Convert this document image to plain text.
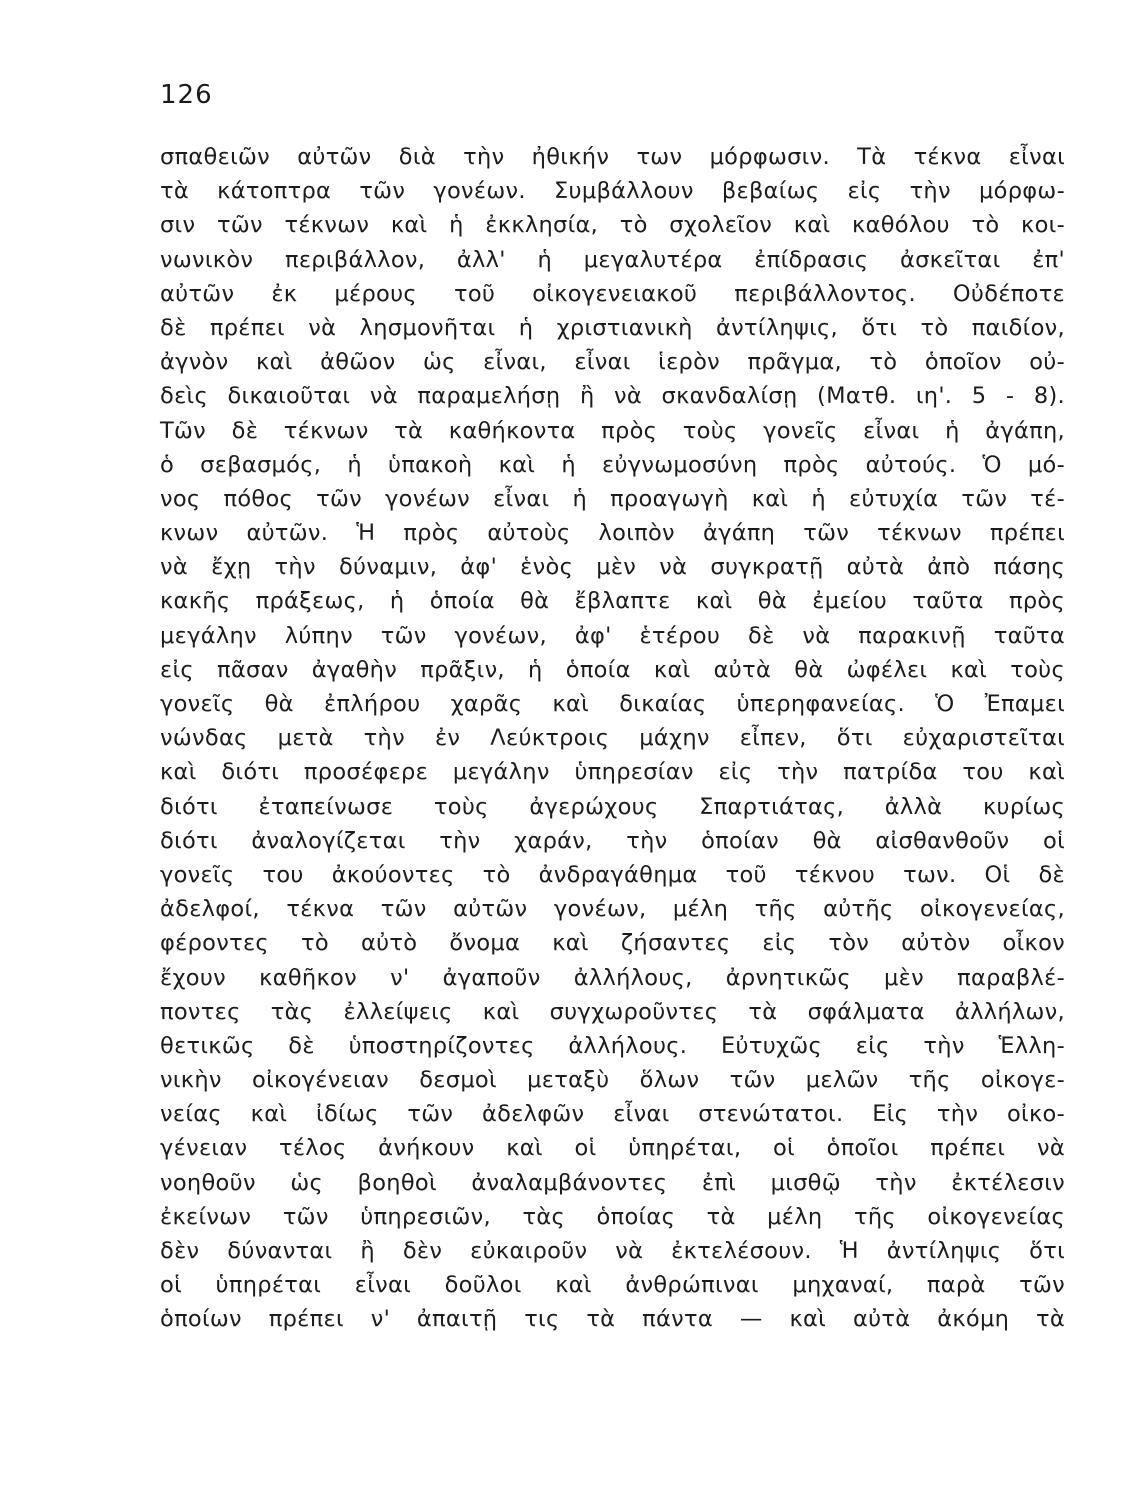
126
σπαθειῶν αὐτῶν διὰ τὴν ἠθικήν των μόρφωσιν. Τὰ τέκνα εἶναι
τὰ κάτοπτρα τῶν γονέων. Συμβάλλουν βεβαίως εἰς τὴν μόρφω-
σιν τῶν τέκνων καὶ ἡ ἐκκλησία, τὸ σχολεῖον καὶ καθόλου τὸ κοι-
νωνικὸν περιβάλλον, ἀλλ' ἡ μεγαλυτέρα ἐπίδρασις ἀσκεῖται ἐπ'
αὐτῶν ἐκ μέρους τοῦ οἰκογενειακοῦ περιβάλλοντος. Οὐδέποτε
δὲ πρέπει νὰ λησμονῆται ἡ χριστιανικὴ ἀντίληψις, ὅτι τὸ παιδίον,
ἀγνὸν καὶ ἀθῶον ὡς εἶναι, εἶναι ἱερὸν πρᾶγμα, τὸ ὁποῖον οὐ-
δεὶς δικαιοῦται νὰ παραμελήσῃ ἢ νὰ σκανδαλίσῃ (Ματθ. ιη'. 5 - 8).
Τῶν δὲ τέκνων τὰ καθήκοντα πρὸς τοὺς γονεῖς εἶναι ἡ ἀγάπη,
ὁ σεβασμός, ἡ ὑπακοὴ καὶ ἡ εὐγνωμοσύνη πρὸς αὐτούς. Ὁ μό-
νος πόθος τῶν γονέων εἶναι ἡ προαγωγὴ καὶ ἡ εὐτυχία τῶν τέ-
κνων αὐτῶν. Ἡ πρὸς αὐτοὺς λοιπὸν ἀγάπη τῶν τέκνων πρέπει
νὰ ἔχῃ τὴν δύναμιν, ἀφ' ἑνὸς μὲν νὰ συγκρατῇ αὐτὰ ἀπὸ πάσης
κακῆς πράξεως, ἡ ὁποία θὰ ἔβλαπτε καὶ θὰ ἐμείου ταῦτα πρὸς
μεγάλην λύπην τῶν γονέων, ἀφ' ἑτέρου δὲ νὰ παρακινῇ ταῦτα
εἰς πᾶσαν ἀγαθὴν πρᾶξιν, ἡ ὁποία καὶ αὐτὰ θὰ ὠφέλει καὶ τοὺς
γονεῖς θὰ ἐπλήρου χαρᾶς καὶ δικαίας ὑπερηφανείας. Ὁ Ἐπαμει
νώνδας μετὰ τὴν ἐν Λεύκτροις μάχην εἶπεν, ὅτι εὐχαριστεῖται
καὶ διότι προσέφερε μεγάλην ὑπηρεσίαν εἰς τὴν πατρίδα του καὶ
διότι ἐταπείνωσε τοὺς ἀγερώχους Σπαρτιάτας, ἀλλὰ κυρίως
διότι ἀναλογίζεται τὴν χαράν, τὴν ὁποίαν θὰ αἰσθανθοῦν οἱ
γονεῖς του ἀκούοντες τὸ ἀνδραγάθημα τοῦ τέκνου των. Οἱ δὲ
ἀδελφοί, τέκνα τῶν αὐτῶν γονέων, μέλη τῆς αὐτῆς οἰκογενείας,
φέροντες τὸ αὐτὸ ὄνομα καὶ ζήσαντες εἰς τὸν αὐτὸν οἶκον
ἔχουν καθῆκον ν' ἀγαποῦν ἀλλήλους, ἀρνητικῶς μὲν παραβλέ-
ποντες τὰς ἐλλείψεις καὶ συγχωροῦντες τὰ σφάλματα ἀλλήλων,
θετικῶς δὲ ὑποστηρίζοντες ἀλλήλους. Εὐτυχῶς εἰς τὴν Ἑλλη-
νικὴν οἰκογένειαν δεσμοὶ μεταξὺ ὅλων τῶν μελῶν τῆς οἰκογε-
νείας καὶ ἰδίως τῶν ἀδελφῶν εἶναι στενώτατοι. Εἰς τὴν οἰκο-
γένειαν τέλος ἀνήκουν καὶ οἱ ὑπηρέται, οἱ ὁποῖοι πρέπει νὰ
νοηθοῦν ὡς βοηθοὶ ἀναλαμβάνοντες ἐπὶ μισθῷ τὴν ἐκτέλεσιν
ἐκείνων τῶν ὑπηρεσιῶν, τὰς ὁποίας τὰ μέλη τῆς οἰκογενείας
δὲν δύνανται ἢ δὲν εὐκαιροῦν νὰ ἐκτελέσουν. Ἡ ἀντίληψις ὅτι
οἱ ὑπηρέται εἶναι δοῦλοι καὶ ἀνθρώπιναι μηχαναί, παρὰ τῶν
ὁποίων πρέπει ν' ἀπαιτῇ τις τὰ πάντα — καὶ αὐτὰ ἀκόμη τὰ
